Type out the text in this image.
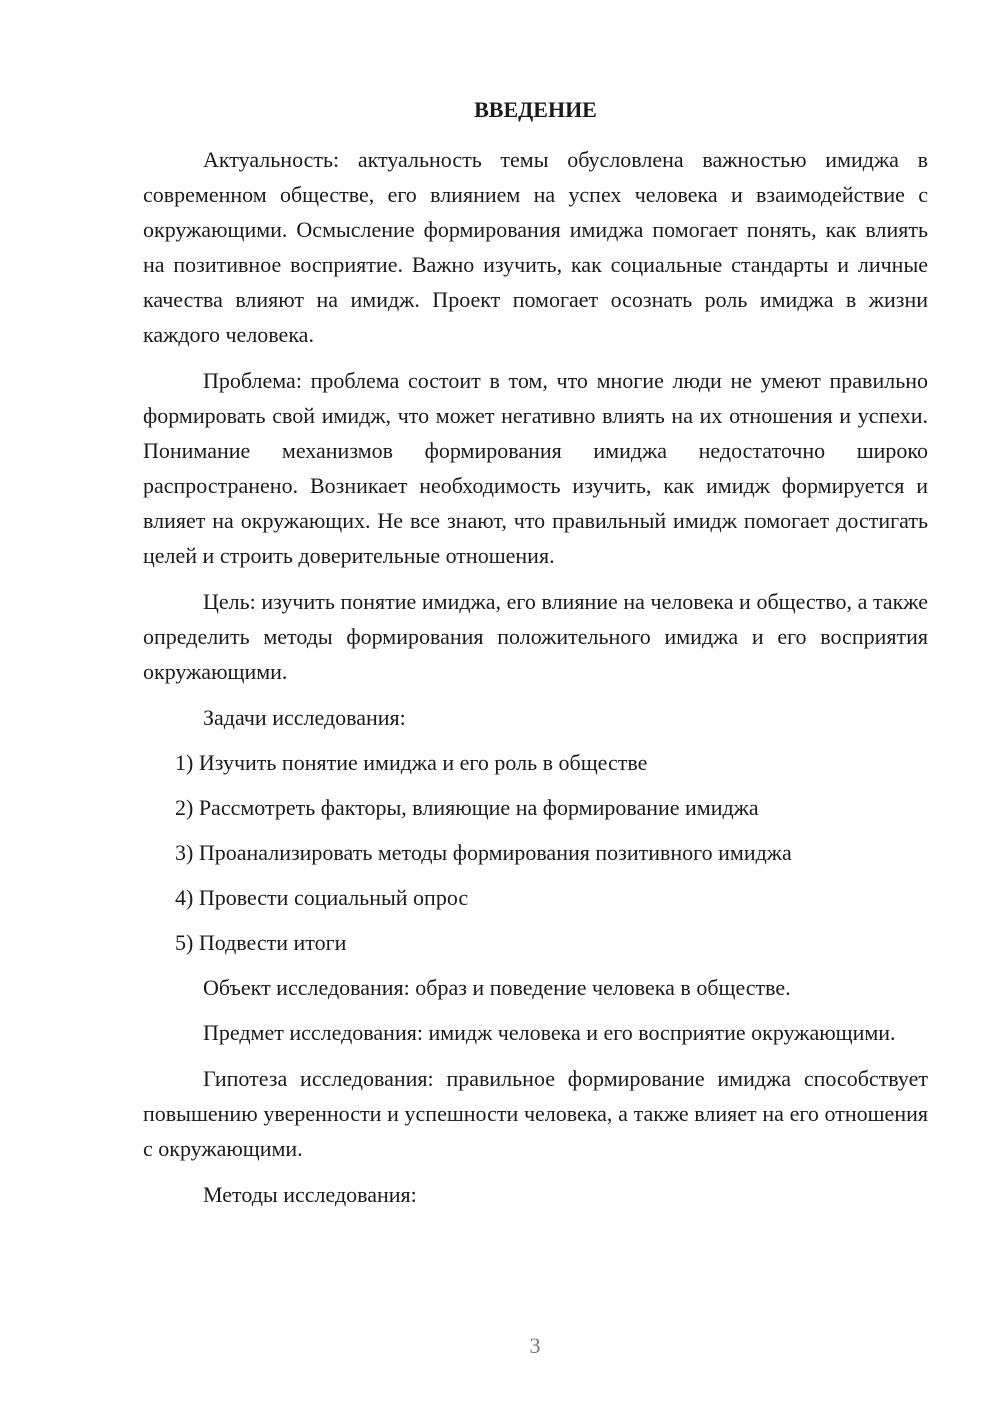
ВВЕДЕНИЕ

Актуальность: актуальность темы обусловлена важностью имиджа в современном обществе, его влиянием на успех человека и взаимодействие с окружающими. Осмысление формирования имиджа помогает понять, как влиять на позитивное восприятие. Важно изучить, как социальные стандарты и личные качества влияют на имидж. Проект помогает осознать роль имиджа в жизни каждого человека.

Проблема: проблема состоит в том, что многие люди не умеют правильно формировать свой имидж, что может негативно влиять на их отношения и успехи. Понимание механизмов формирования имиджа недостаточно широко распространено. Возникает необходимость изучить, как имидж формируется и влияет на окружающих. Не все знают, что правильный имидж помогает достигать целей и строить доверительные отношения.

Цель: изучить понятие имиджа, его влияние на человека и общество, а также определить методы формирования положительного имиджа и его восприятия окружающими.

Задачи исследования:

1) Изучить понятие имиджа и его роль в обществе
2) Рассмотреть факторы, влияющие на формирование имиджа
3) Проанализировать методы формирования позитивного имиджа
4) Провести социальный опрос
5) Подвести итоги

Объект исследования: образ и поведение человека в обществе.

Предмет исследования: имидж человека и его восприятие окружающими.

Гипотеза исследования: правильное формирование имиджа способствует повышению уверенности и успешности человека, а также влияет на его отношения с окружающими.

Методы исследования:

3
